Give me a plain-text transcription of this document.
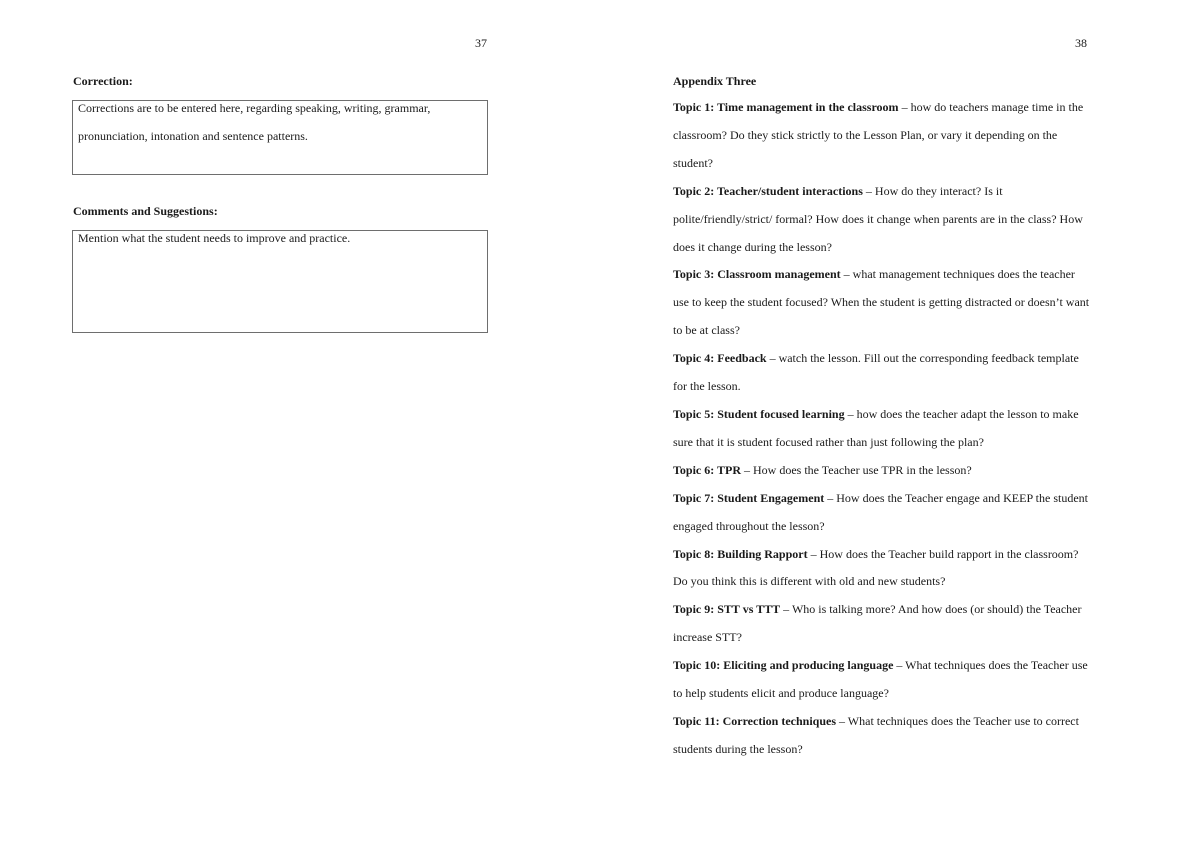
37
Correction:
Corrections are to be entered here, regarding speaking, writing, grammar, pronunciation, intonation and sentence patterns.
Comments and Suggestions:
Mention what the student needs to improve and practice.
38
Appendix Three
Topic 1: Time management in the classroom – how do teachers manage time in the classroom? Do they stick strictly to the Lesson Plan, or vary it depending on the student?
Topic 2: Teacher/student interactions – How do they interact? Is it polite/friendly/strict/ formal? How does it change when parents are in the class? How does it change during the lesson?
Topic 3: Classroom management – what management techniques does the teacher use to keep the student focused? When the student is getting distracted or doesn’t want to be at class?
Topic 4: Feedback – watch the lesson. Fill out the corresponding feedback template for the lesson.
Topic 5: Student focused learning – how does the teacher adapt the lesson to make sure that it is student focused rather than just following the plan?
Topic 6: TPR – How does the Teacher use TPR in the lesson?
Topic 7: Student Engagement – How does the Teacher engage and KEEP the student engaged throughout the lesson?
Topic 8: Building Rapport – How does the Teacher build rapport in the classroom? Do you think this is different with old and new students?
Topic 9: STT vs TTT – Who is talking more? And how does (or should) the Teacher increase STT?
Topic 10: Eliciting and producing language – What techniques does the Teacher use to help students elicit and produce language?
Topic 11: Correction techniques – What techniques does the Teacher use to correct students during the lesson?
